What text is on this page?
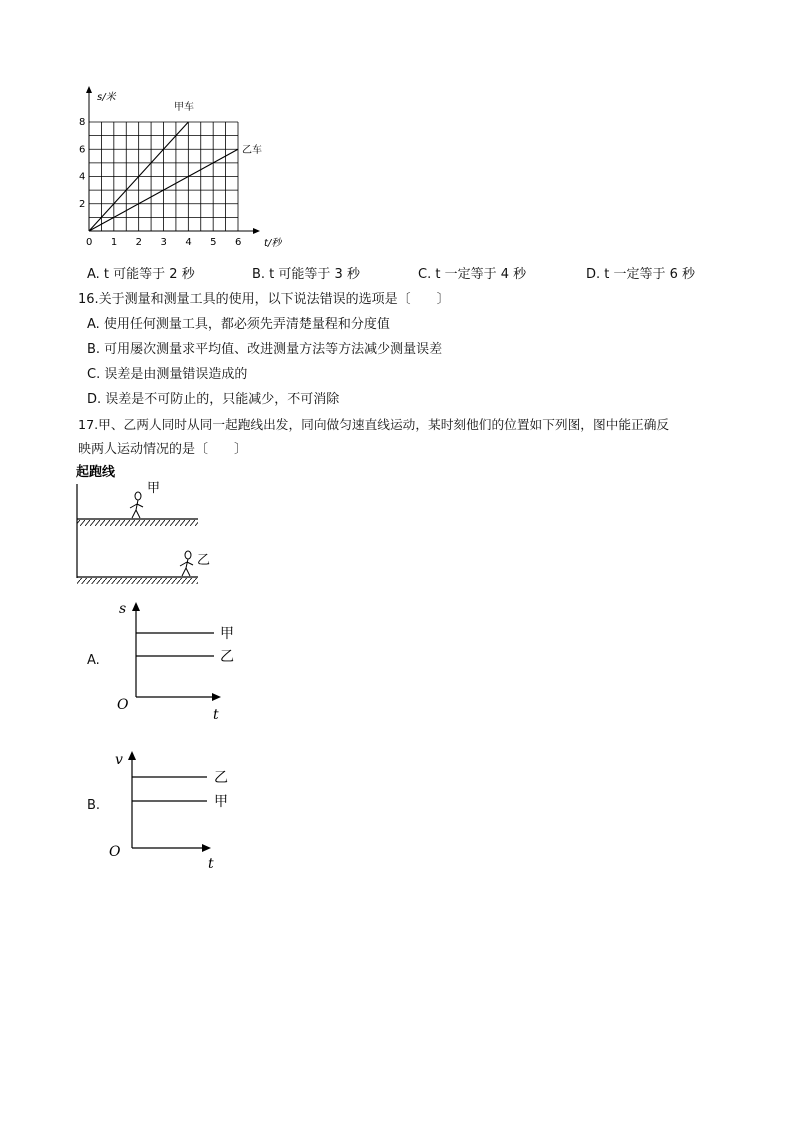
0 1 2 3 4 5 6
2
4
6
8
s/米
t/秒
甲车
乙车
A. t 可能等于 2 秒	B. t 可能等于 3 秒	C. t 一定等于 4 秒	D. t 一定等于 6 秒
16.关于测量和测量工具的使用，以下说法错误的选项是〔　　〕
A. 使用任何测量工具，都必须先弄清楚量程和分度值
B. 可用屡次测量求平均值、改进测量方法等方法减少测量误差
C. 误差是由测量错误造成的
D. 误差是不可防止的，只能减少，不可消除
17.甲、乙两人同时从同一起跑线出发，同向做匀速直线运动，某时刻他们的位置如下列图，图中能正确反
映两人运动情况的是〔　　〕
起跑线
甲
乙
A.
s
t
O
甲
乙
B.
v
t
O
乙
甲
